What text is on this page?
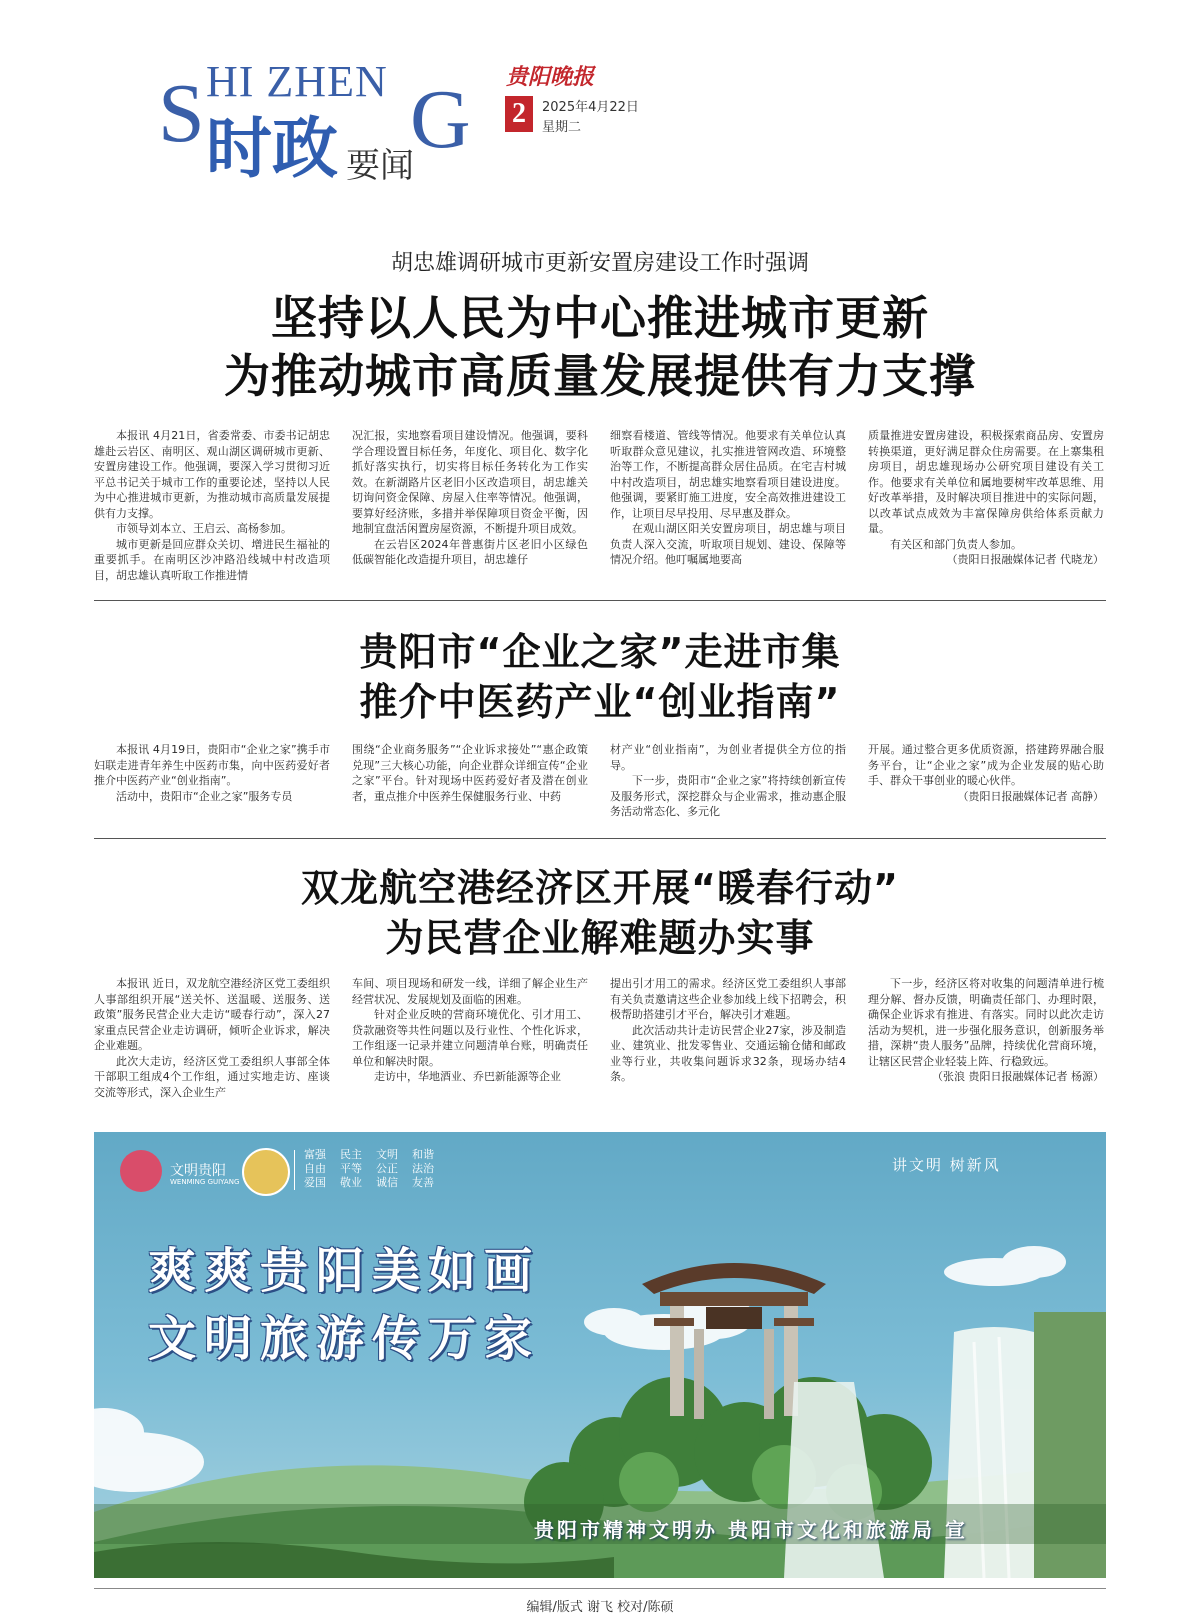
S HI ZHEN G
时政 要闻
贵阳晚报
2	2025年4月22日
星期二
胡忠雄调研城市更新安置房建设工作时强调
坚持以人民为中心推进城市更新
为推动城市高质量发展提供有力支撑

本报讯 4月21日，省委常委、市委书记胡忠雄赴云岩区、南明区、观山湖区调研城市更新、安置房建设工作。他强调，要深入学习贯彻习近平总书记关于城市工作的重要论述，坚持以人民为中心推进城市更新，为推动城市高质量发展提供有力支撑。

市领导刘本立、王启云、高杨参加。

城市更新是回应群众关切、增进民生福祉的重要抓手。在南明区沙冲路沿线城中村改造项目，胡忠雄认真听取工作推进情

况汇报，实地察看项目建设情况。他强调，要科学合理设置目标任务，年度化、项目化、数字化抓好落实执行，切实将目标任务转化为工作实效。在新湖路片区老旧小区改造项目，胡忠雄关切询问资金保障、房屋入住率等情况。他强调，要算好经济账，多措并举保障项目资金平衡，因地制宜盘活闲置房屋资源，不断提升项目成效。

在云岩区2024年普惠街片区老旧小区绿色低碳智能化改造提升项目，胡忠雄仔

细察看楼道、管线等情况。他要求有关单位认真听取群众意见建议，扎实推进管网改造、环境整治等工作，不断提高群众居住品质。在宅吉村城中村改造项目，胡忠雄实地察看项目建设进度。他强调，要紧盯施工进度，安全高效推进建设工作，让项目尽早投用、尽早惠及群众。

在观山湖区阳关安置房项目，胡忠雄与项目负责人深入交流，听取项目规划、建设、保障等情况介绍。他叮嘱属地要高

质量推进安置房建设，积极探索商品房、安置房转换渠道，更好满足群众住房需要。在上寨集租房项目，胡忠雄现场办公研究项目建设有关工作。他要求有关单位和属地要树牢改革思维、用好改革举措，及时解决项目推进中的实际问题，以改革试点成效为丰富保障房供给体系贡献力量。

有关区和部门负责人参加。

（贵阳日报融媒体记者 代晓龙）

贵阳市“企业之家”走进市集
推介中医药产业“创业指南”

本报讯 4月19日，贵阳市“企业之家”携手市妇联走进青年养生中医药市集，向中医药爱好者推介中医药产业“创业指南”。

活动中，贵阳市“企业之家”服务专员

围绕“企业商务服务”“企业诉求接处”“惠企政策兑现”三大核心功能，向企业群众详细宣传“企业之家”平台。针对现场中医药爱好者及潜在创业者，重点推介中医养生保健服务行业、中药

材产业“创业指南”，为创业者提供全方位的指导。

下一步，贵阳市“企业之家”将持续创新宣传及服务形式，深挖群众与企业需求，推动惠企服务活动常态化、多元化

开展。通过整合更多优质资源，搭建跨界融合服务平台，让“企业之家”成为企业发展的贴心助手、群众干事创业的暖心伙伴。

（贵阳日报融媒体记者 高静）

双龙航空港经济区开展“暖春行动”
为民营企业解难题办实事

本报讯 近日，双龙航空港经济区党工委组织人事部组织开展“送关怀、送温暖、送服务、送政策”服务民营企业大走访“暖春行动”，深入27家重点民营企业走访调研，倾听企业诉求，解决企业难题。

此次大走访，经济区党工委组织人事部全体干部职工组成4个工作组，通过实地走访、座谈交流等形式，深入企业生产

车间、项目现场和研发一线，详细了解企业生产经营状况、发展规划及面临的困难。

针对企业反映的营商环境优化、引才用工、贷款融资等共性问题以及行业性、个性化诉求，工作组逐一记录并建立问题清单台账，明确责任单位和解决时限。

走访中，华地酒业、乔巴新能源等企业

提出引才用工的需求。经济区党工委组织人事部有关负责邀请这些企业参加线上线下招聘会，积极帮助搭建引才平台，解决引才难题。

此次活动共计走访民营企业27家，涉及制造业、建筑业、批发零售业、交通运输仓储和邮政业等行业，共收集问题诉求32条，现场办结4条。

下一步，经济区将对收集的问题清单进行梳理分解、督办反馈，明确责任部门、办理时限，确保企业诉求有推进、有落实。同时以此次走访活动为契机，进一步强化服务意识，创新服务举措，深耕“贵人服务”品牌，持续优化营商环境，让辖区民营企业轻装上阵、行稳致远。

（张浪 贵阳日报融媒体记者 杨源）

文明贵阳
WENMING GUIYANG
富强
自由
爱国
民主
平等
敬业
文明
公正
诚信
和谐
法治
友善
讲文明 树新风
爽爽贵阳美如画
文明旅游传万家
贵阳市精神文明办 贵阳市文化和旅游局 宣
编辑/版式 谢飞 校对/陈硕
